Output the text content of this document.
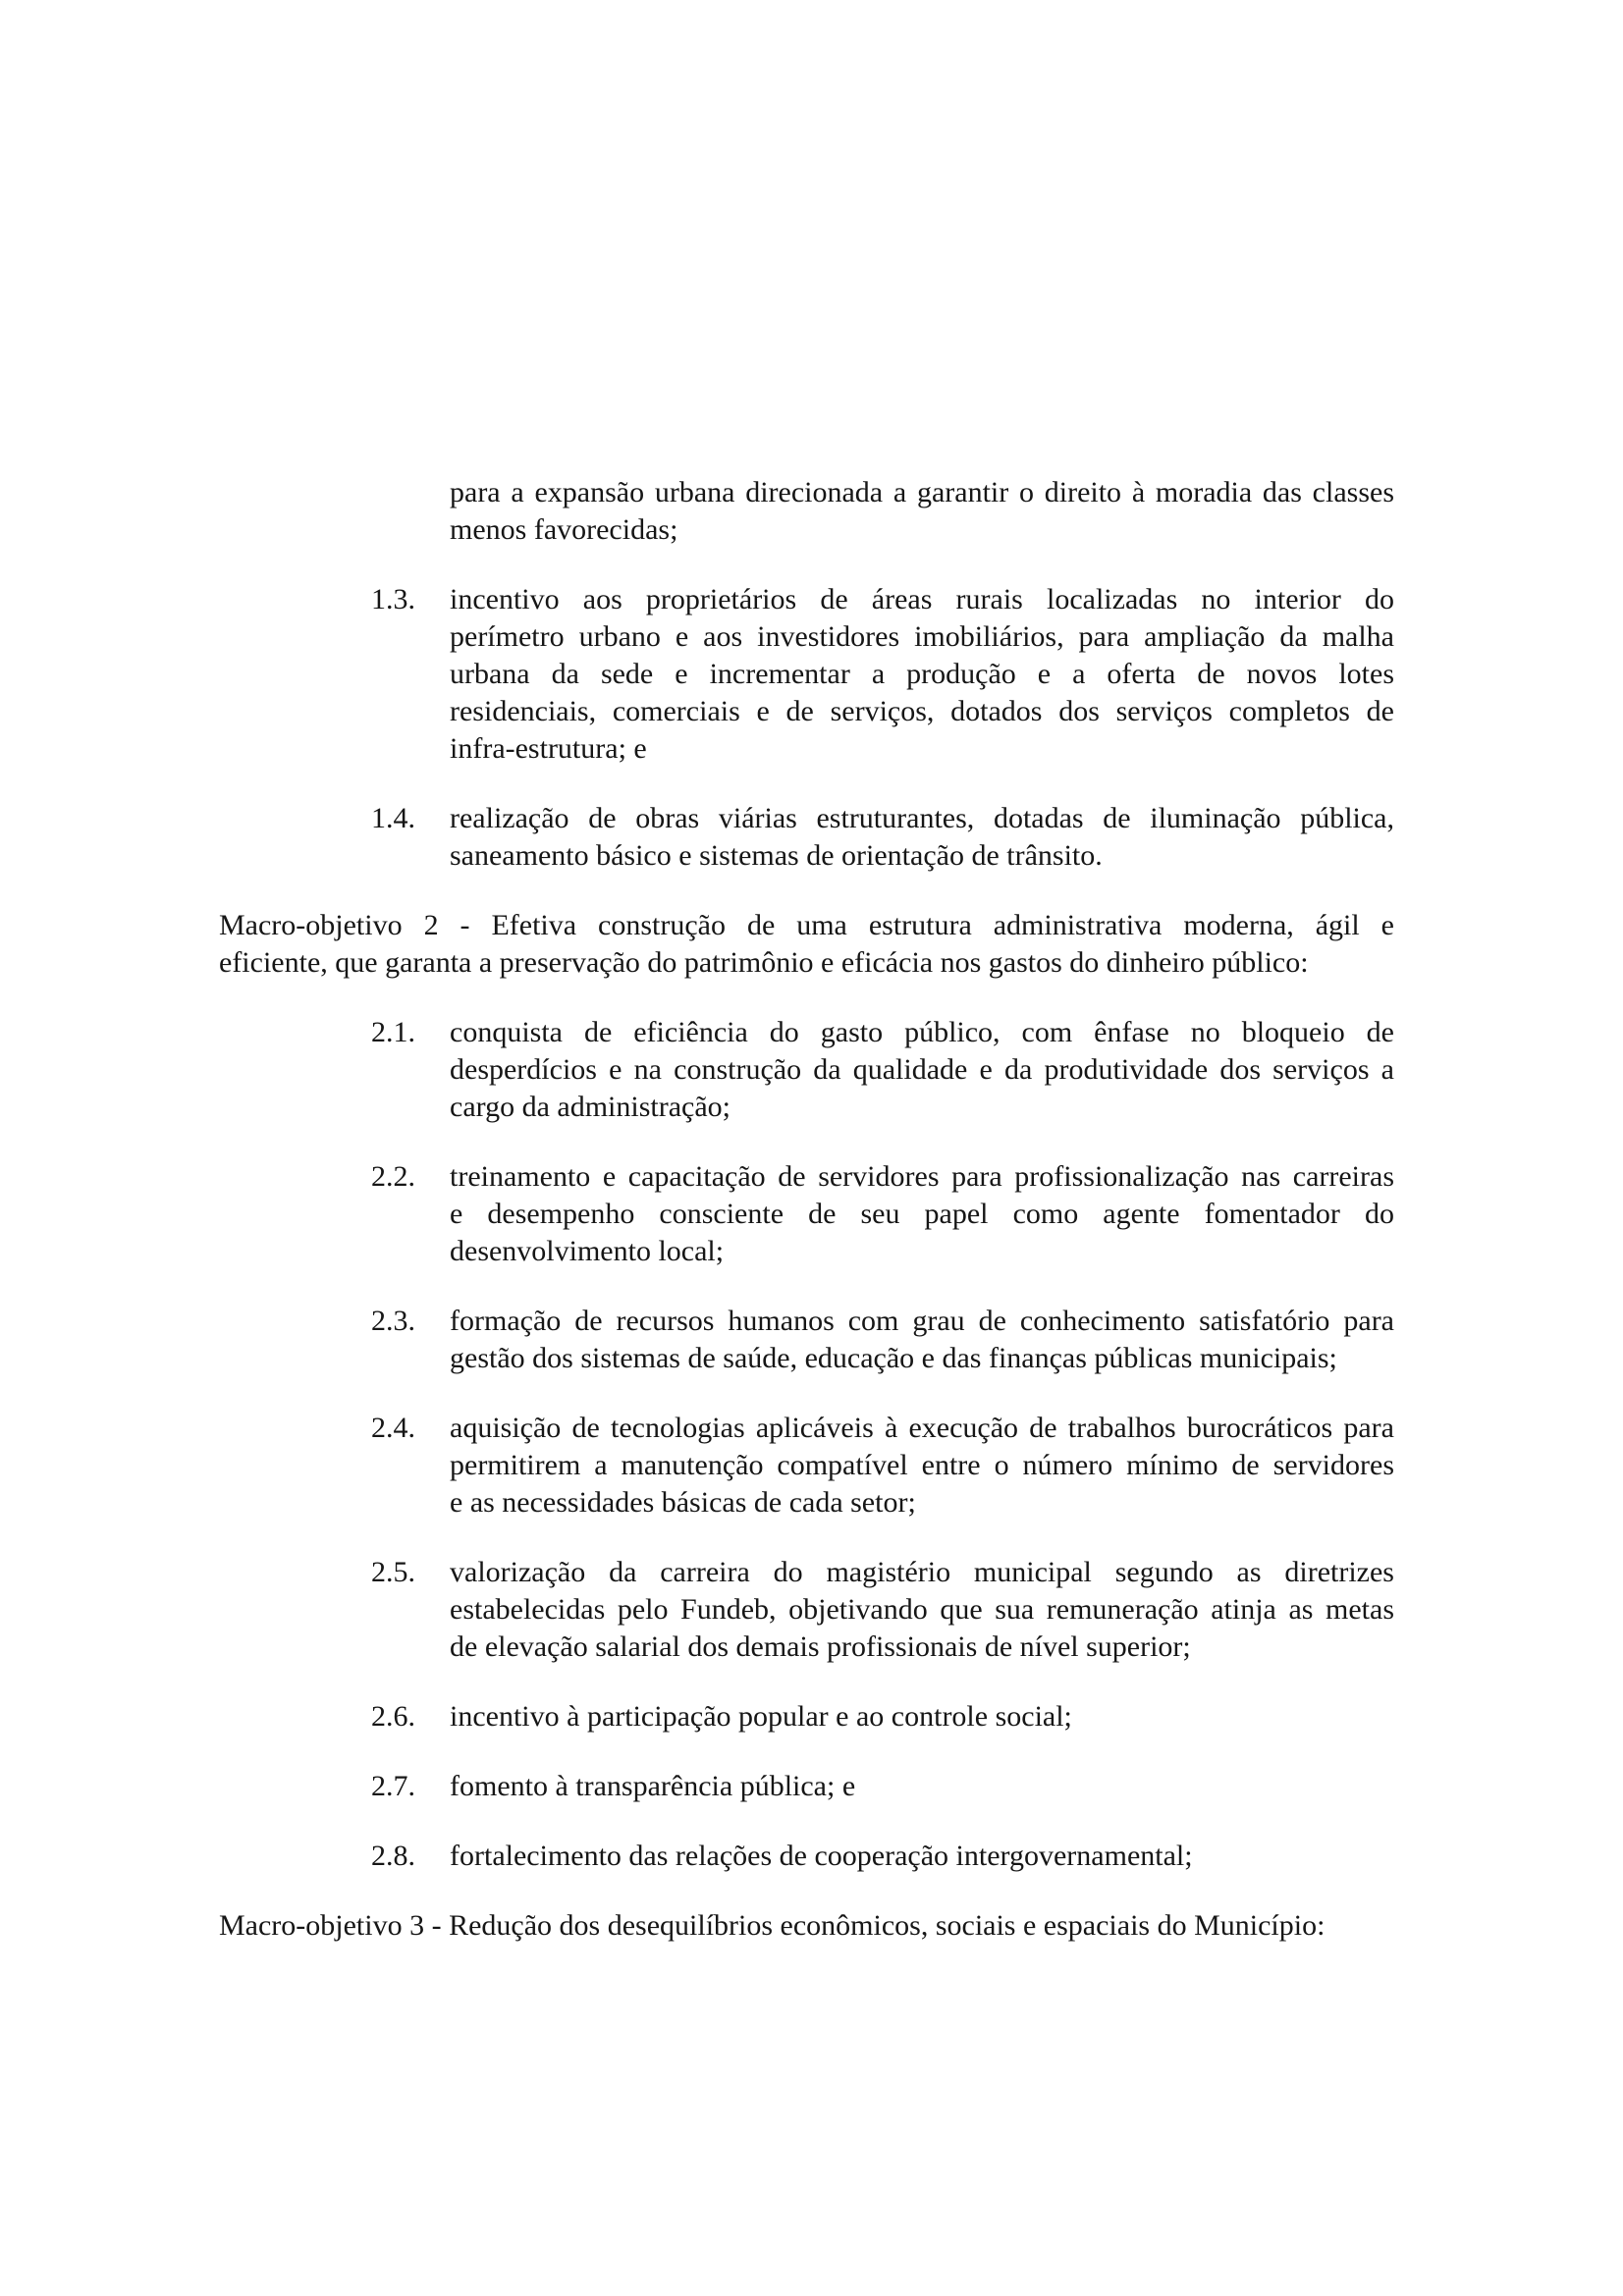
para a expansão urbana direcionada a garantir o direito à moradia das classes
menos favorecidas;
1.3.	incentivo aos proprietários de áreas rurais localizadas no interior do
perímetro urbano e aos investidores imobiliários, para ampliação da malha
urbana da sede e incrementar a produção e a oferta de novos lotes
residenciais, comerciais e de serviços, dotados dos serviços completos de
infra-estrutura; e
1.4.	realização de obras viárias estruturantes, dotadas de iluminação pública,
saneamento básico e sistemas de orientação de trânsito.
Macro-objetivo 2 - Efetiva construção de uma estrutura administrativa moderna, ágil e
eficiente, que garanta a preservação do patrimônio e eficácia nos gastos do dinheiro público:
2.1.	conquista de eficiência do gasto público, com ênfase no bloqueio de
desperdícios e na construção da qualidade e da produtividade dos serviços a
cargo da administração;
2.2.	treinamento e capacitação de servidores para profissionalização nas carreiras
e desempenho consciente de seu papel como agente fomentador do
desenvolvimento local;
2.3.	formação de recursos humanos com grau de conhecimento satisfatório para
gestão dos sistemas de saúde, educação e das finanças públicas municipais;
2.4.	aquisição de tecnologias aplicáveis à execução de trabalhos burocráticos para
permitirem a manutenção compatível entre o número mínimo de servidores
e as necessidades básicas de cada setor;
2.5.	valorização da carreira do magistério municipal segundo as diretrizes
estabelecidas pelo Fundeb, objetivando que sua remuneração atinja as metas
de elevação salarial dos demais profissionais de nível superior;
2.6.	incentivo à participação popular e ao controle social;
2.7.	fomento à transparência pública; e
2.8.	fortalecimento das relações de cooperação intergovernamental;
Macro-objetivo 3 - Redução dos desequilíbrios econômicos, sociais e espaciais do Município:
